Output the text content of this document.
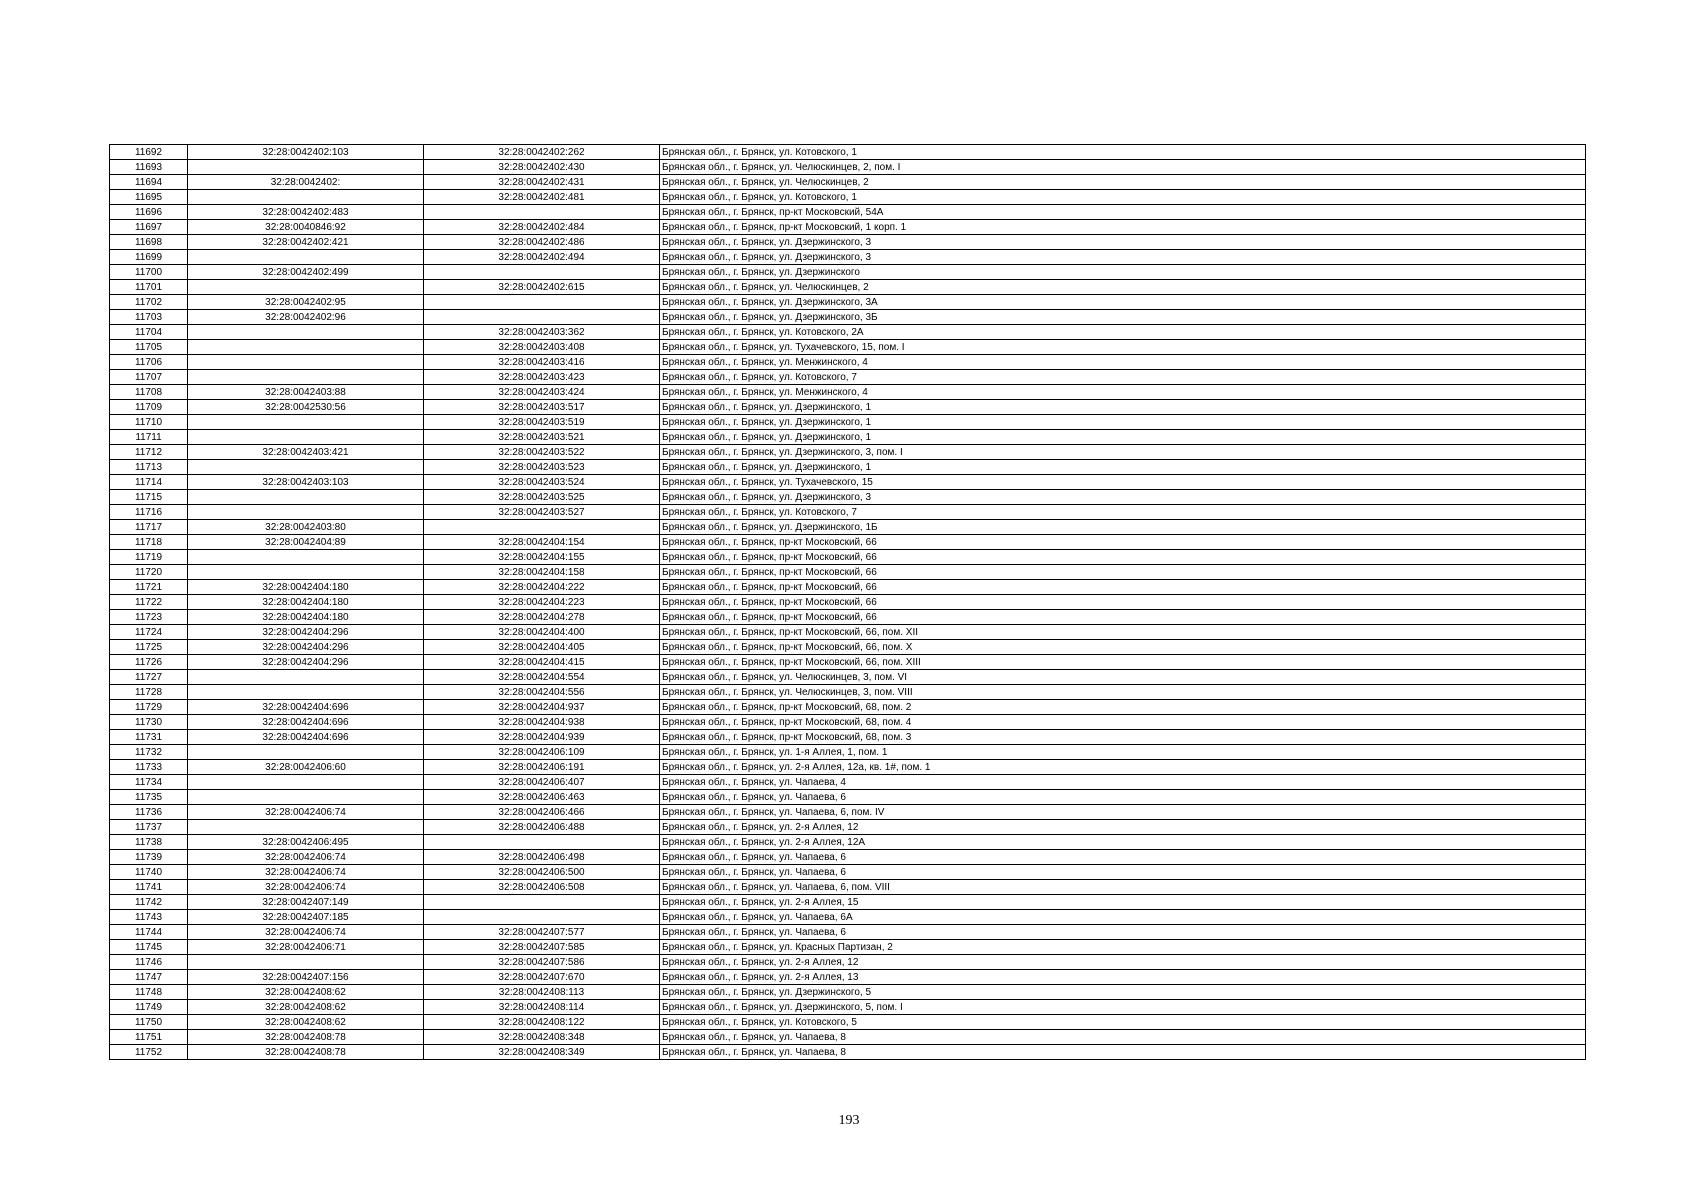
11692	32:28:0042402:103	32:28:0042402:262	Брянская обл., г. Брянск, ул. Котовского, 1
11693		32:28:0042402:430	Брянская обл., г. Брянск, ул. Челюскинцев, 2, пом. I
11694	32:28:0042402:	32:28:0042402:431	Брянская обл., г. Брянск, ул. Челюскинцев, 2
11695		32:28:0042402:481	Брянская обл., г. Брянск, ул. Котовского, 1
11696	32:28:0042402:483		Брянская обл., г. Брянск, пр-кт Московский, 54А
11697	32:28:0040846:92	32:28:0042402:484	Брянская обл., г. Брянск, пр-кт Московский, 1 корп. 1
11698	32:28:0042402:421	32:28:0042402:486	Брянская обл., г. Брянск, ул. Дзержинского, 3
11699		32:28:0042402:494	Брянская обл., г. Брянск, ул. Дзержинского, 3
11700	32:28:0042402:499		Брянская обл., г. Брянск, ул. Дзержинского
11701		32:28:0042402:615	Брянская обл., г. Брянск, ул. Челюскинцев, 2
11702	32:28:0042402:95		Брянская обл., г. Брянск, ул. Дзержинского, 3А
11703	32:28:0042402:96		Брянская обл., г. Брянск, ул. Дзержинского, 3Б
11704		32:28:0042403:362	Брянская обл., г. Брянск, ул. Котовского, 2А
11705		32:28:0042403:408	Брянская обл., г. Брянск, ул. Тухачевского, 15, пом. I
11706		32:28:0042403:416	Брянская обл., г. Брянск, ул. Менжинского, 4
11707		32:28:0042403:423	Брянская обл., г. Брянск, ул. Котовского, 7
11708	32:28:0042403:88	32:28:0042403:424	Брянская обл., г. Брянск, ул. Менжинского, 4
11709	32:28:0042530:56	32:28:0042403:517	Брянская обл., г. Брянск, ул. Дзержинского, 1
11710		32:28:0042403:519	Брянская обл., г. Брянск, ул. Дзержинского, 1
11711		32:28:0042403:521	Брянская обл., г. Брянск, ул. Дзержинского, 1
11712	32:28:0042403:421	32:28:0042403:522	Брянская обл., г. Брянск, ул. Дзержинского, 3, пом. I
11713		32:28:0042403:523	Брянская обл., г. Брянск, ул. Дзержинского, 1
11714	32:28:0042403:103	32:28:0042403:524	Брянская обл., г. Брянск, ул. Тухачевского, 15
11715		32:28:0042403:525	Брянская обл., г. Брянск, ул. Дзержинского, 3
11716		32:28:0042403:527	Брянская обл., г. Брянск, ул. Котовского, 7
11717	32:28:0042403:80		Брянская обл., г. Брянск, ул. Дзержинского, 1Б
11718	32:28:0042404:89	32:28:0042404:154	Брянская обл., г. Брянск, пр-кт Московский, 66
11719		32:28:0042404:155	Брянская обл., г. Брянск, пр-кт Московский, 66
11720		32:28:0042404:158	Брянская обл., г. Брянск, пр-кт Московский, 66
11721	32:28:0042404:180	32:28:0042404:222	Брянская обл., г. Брянск, пр-кт Московский, 66
11722	32:28:0042404:180	32:28:0042404:223	Брянская обл., г. Брянск, пр-кт Московский, 66
11723	32:28:0042404:180	32:28:0042404:278	Брянская обл., г. Брянск, пр-кт Московский, 66
11724	32:28:0042404:296	32:28:0042404:400	Брянская обл., г. Брянск, пр-кт Московский, 66, пом. XII
11725	32:28:0042404:296	32:28:0042404:405	Брянская обл., г. Брянск, пр-кт Московский, 66, пом. X
11726	32:28:0042404:296	32:28:0042404:415	Брянская обл., г. Брянск, пр-кт Московский, 66, пом. XIII
11727		32:28:0042404:554	Брянская обл., г. Брянск, ул. Челюскинцев, 3, пом. VI
11728		32:28:0042404:556	Брянская обл., г. Брянск, ул. Челюскинцев, 3, пом. VIII
11729	32:28:0042404:696	32:28:0042404:937	Брянская обл., г. Брянск, пр-кт Московский, 68, пом. 2
11730	32:28:0042404:696	32:28:0042404:938	Брянская обл., г. Брянск, пр-кт Московский, 68, пом. 4
11731	32:28:0042404:696	32:28:0042404:939	Брянская обл., г. Брянск, пр-кт Московский, 68, пом. 3
11732		32:28:0042406:109	Брянская обл., г. Брянск, ул. 1-я Аллея, 1, пом. 1
11733	32:28:0042406:60	32:28:0042406:191	Брянская обл., г. Брянск, ул. 2-я Аллея, 12а, кв. 1#, пом. 1
11734		32:28:0042406:407	Брянская обл., г. Брянск, ул. Чапаева, 4
11735		32:28:0042406:463	Брянская обл., г. Брянск, ул. Чапаева, 6
11736	32:28:0042406:74	32:28:0042406:466	Брянская обл., г. Брянск, ул. Чапаева, 6, пом. IV
11737		32:28:0042406:488	Брянская обл., г. Брянск, ул. 2-я Аллея, 12
11738	32:28:0042406:495		Брянская обл., г. Брянск, ул. 2-я Аллея, 12А
11739	32:28:0042406:74	32:28:0042406:498	Брянская обл., г. Брянск, ул. Чапаева, 6
11740	32:28:0042406:74	32:28:0042406:500	Брянская обл., г. Брянск, ул. Чапаева, 6
11741	32:28:0042406:74	32:28:0042406:508	Брянская обл., г. Брянск, ул. Чапаева, 6, пом. VIII
11742	32:28:0042407:149		Брянская обл., г. Брянск, ул. 2-я Аллея, 15
11743	32:28:0042407:185		Брянская обл., г. Брянск, ул. Чапаева, 6А
11744	32:28:0042406:74	32:28:0042407:577	Брянская обл., г. Брянск, ул. Чапаева, 6
11745	32:28:0042406:71	32:28:0042407:585	Брянская обл., г. Брянск, ул. Красных Партизан, 2
11746		32:28:0042407:586	Брянская обл., г. Брянск, ул. 2-я Аллея, 12
11747	32:28:0042407:156	32:28:0042407:670	Брянская обл., г. Брянск, ул. 2-я Аллея, 13
11748	32:28:0042408:62	32:28:0042408:113	Брянская обл., г. Брянск, ул. Дзержинского, 5
11749	32:28:0042408:62	32:28:0042408:114	Брянская обл., г. Брянск, ул. Дзержинского, 5, пом. I
11750	32:28:0042408:62	32:28:0042408:122	Брянская обл., г. Брянск, ул. Котовского, 5
11751	32:28:0042408:78	32:28:0042408:348	Брянская обл., г. Брянск, ул. Чапаева, 8
11752	32:28:0042408:78	32:28:0042408:349	Брянская обл., г. Брянск, ул. Чапаева, 8
193
